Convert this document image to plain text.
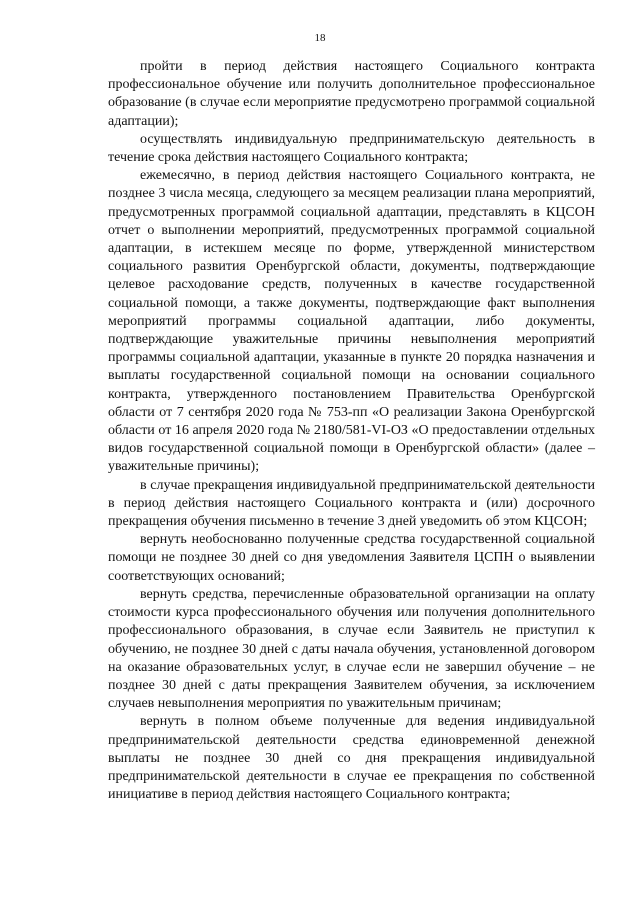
18

пройти в период действия настоящего Социального контракта профессиональное обучение или получить дополнительное профессиональное образование (в случае если мероприятие предусмотрено программой социальной адаптации);

осуществлять индивидуальную предпринимательскую деятельность в течение срока действия настоящего Социального контракта;

ежемесячно, в период действия настоящего Социального контракта, не позднее 3 числа месяца, следующего за месяцем реализации плана мероприятий, предусмотренных программой социальной адаптации, представлять в КЦСОН отчет о выполнении мероприятий, предусмотренных программой социальной адаптации, в истекшем месяце по форме, утвержденной министерством социального развития Оренбургской области, документы, подтверждающие целевое расходование средств, полученных в качестве государственной социальной помощи, а также документы, подтверждающие факт выполнения мероприятий программы социальной адаптации, либо документы, подтверждающие уважительные причины невыполнения мероприятий программы социальной адаптации, указанные в пункте 20 порядка назначения и выплаты государственной социальной помощи на основании социального контракта, утвержденного постановлением Правительства Оренбургской области от 7 сентября 2020 года № 753-пп «О реализации Закона Оренбургской области от 16 апреля 2020 года № 2180/581-VI-ОЗ «О предоставлении отдельных видов государственной социальной помощи в Оренбургской области» (далее – уважительные причины);

в случае прекращения индивидуальной предпринимательской деятельности в период действия настоящего Социального контракта и (или) досрочного прекращения обучения письменно в течение 3 дней уведомить об этом КЦСОН;

вернуть необоснованно полученные средства государственной социальной помощи не позднее 30 дней со дня уведомления Заявителя ЦСПН о выявлении соответствующих оснований;

вернуть средства, перечисленные образовательной организации на оплату стоимости курса профессионального обучения или получения дополнительного профессионального образования, в случае если Заявитель не приступил к обучению, не позднее 30 дней с даты начала обучения, установленной договором на оказание образовательных услуг, в случае если не завершил обучение – не позднее 30 дней с даты прекращения Заявителем обучения, за исключением случаев невыполнения мероприятия по уважительным причинам;

вернуть в полном объеме полученные для ведения индивидуальной предпринимательской деятельности средства единовременной денежной выплаты не позднее 30 дней со дня прекращения индивидуальной предпринимательской деятельности в случае ее прекращения по собственной инициативе в период действия настоящего Социального контракта;
